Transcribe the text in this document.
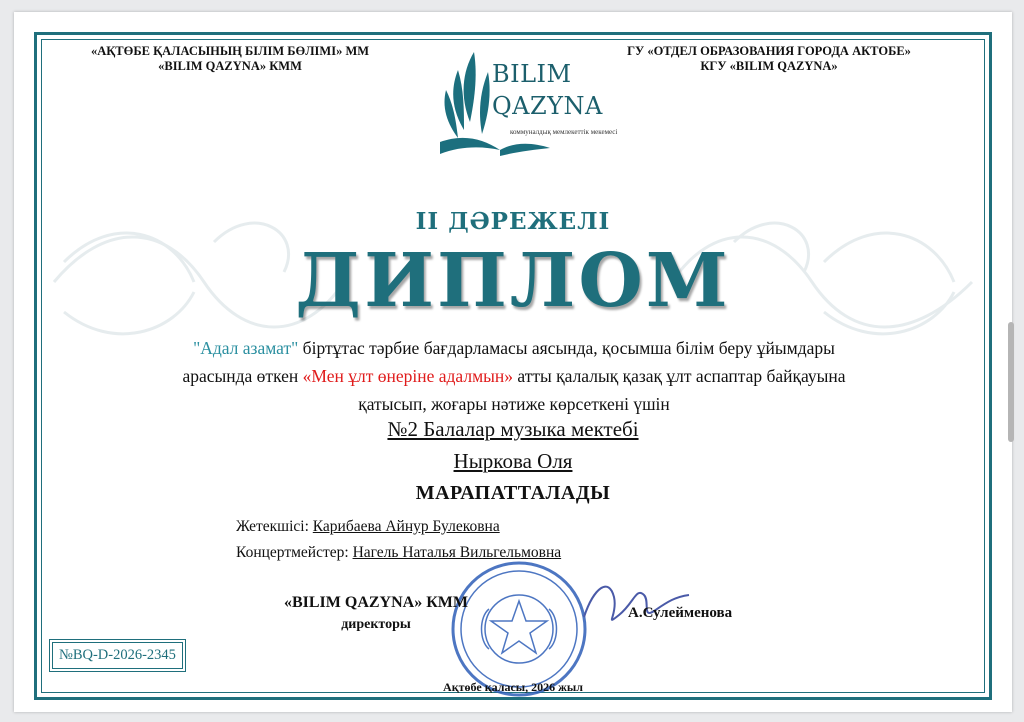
«АҚТӨБЕ ҚАЛАСЫНЫҢ БІЛІМ БӨЛІМІ» ММ
«BILIM QAZYNA» КММ
ГУ «ОТДЕЛ ОБРАЗОВАНИЯ ГОРОДА АКТОБЕ»
КГУ «BILIM QAZYNA»
BILIM
QAZYNA
коммуналдық мемлекеттік мекемесі
II ДӘРЕЖЕЛІ
ДИПЛОМ
"Адал азамат" біртұтас тәрбие бағдарламасы аясында, қосымша білім беру ұйымдары арасында өткен «Мен ұлт өнеріне адалмын» атты қалалық қазақ ұлт аспаптар байқауына қатысып, жоғары нәтиже көрсеткені үшін
№2 Балалар музыка мектебі
Ныркова Оля
МАРАПАТТАЛАДЫ
Жетекшісі: Карибаева Айнур Булековна
Концертмейстер: Нагель Наталья Вильгельмовна
«BILIM QAZYNA» КММ
директоры
А.Сулейменова
№BQ-D-2026-2345
Ақтөбе қаласы, 2026 жыл
